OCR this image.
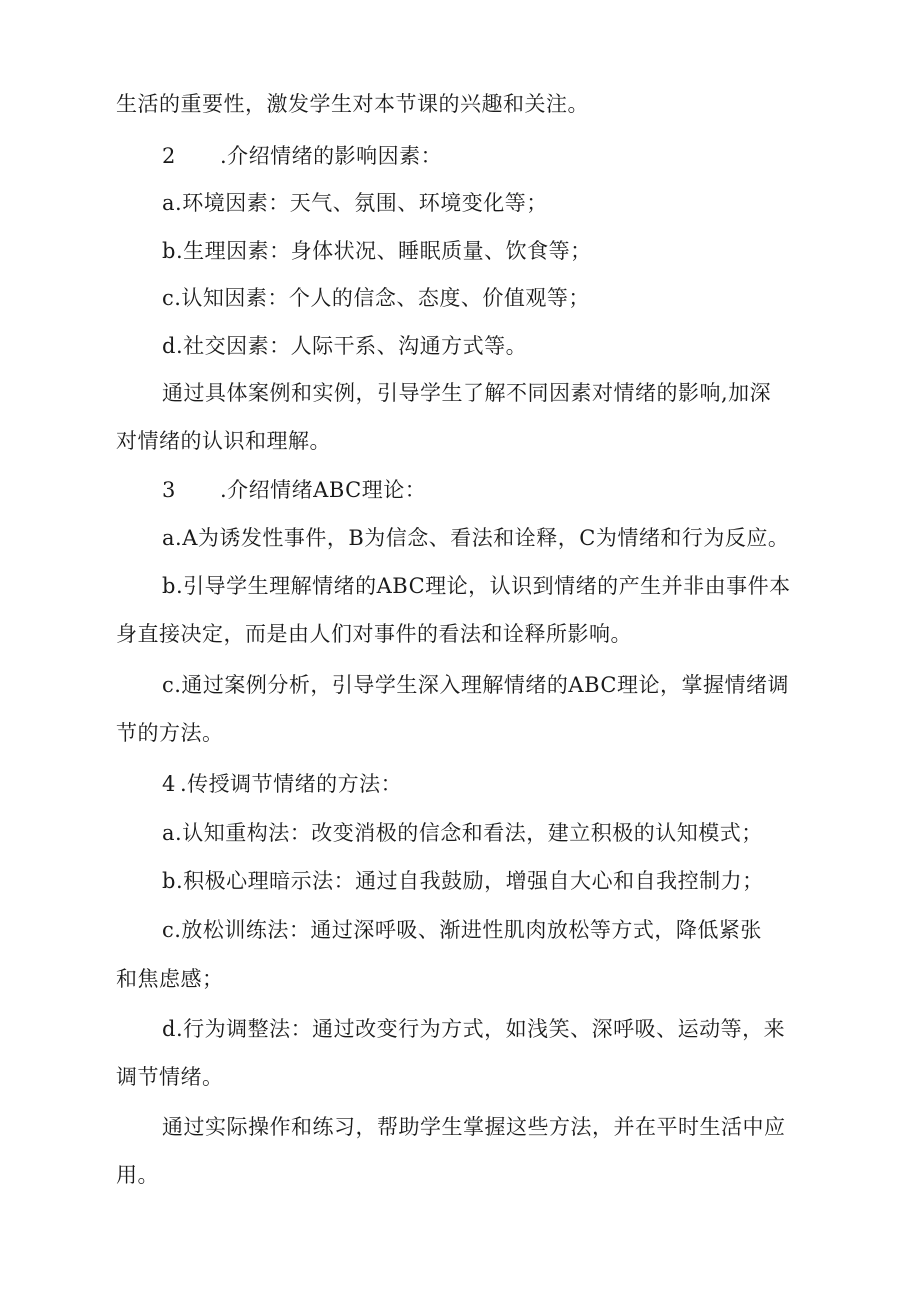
生活的重要性，激发学生对本节课的兴趣和关注。
2 .介绍情绪的影响因素：
a.环境因素：天气、氛围、环境变化等；
b.生理因素：身体状况、睡眠质量、饮食等；
c.认知因素：个人的信念、态度、价值观等；
d.社交因素：人际干系、沟通方式等。
通过具体案例和实例，引导学生了解不同因素对情绪的影响,加深
对情绪的认识和理解。
3 .介绍情绪ABC理论：
a.A为诱发性事件，B为信念、看法和诠释，C为情绪和行为反应。
b.引导学生理解情绪的ABC理论，认识到情绪的产生并非由事件本
身直接决定，而是由人们对事件的看法和诠释所影响。
c.通过案例分析，引导学生深入理解情绪的ABC理论，掌握情绪调
节的方法。
4 .传授调节情绪的方法：
a.认知重构法：改变消极的信念和看法，建立积极的认知模式；
b.积极心理暗示法：通过自我鼓励，增强自大心和自我控制力；
c.放松训练法：通过深呼吸、渐进性肌肉放松等方式，降低紧张
和焦虑感；
d.行为调整法：通过改变行为方式，如浅笑、深呼吸、运动等，来
调节情绪。
通过实际操作和练习，帮助学生掌握这些方法，并在平时生活中应
用。
